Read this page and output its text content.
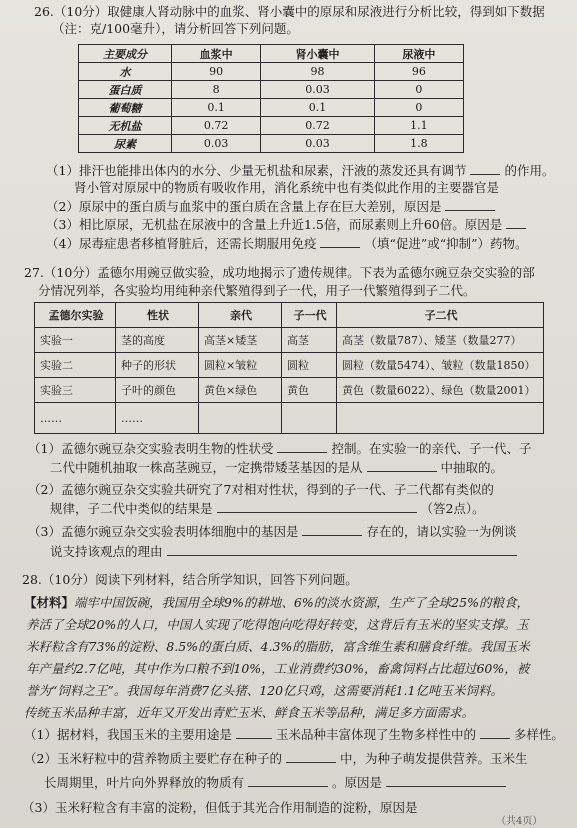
26.（10分）取健康人肾动脉中的血浆、肾小囊中的原尿和尿液进行分析比较，得到如下数据
（注：克/100毫升），请分析回答下列问题。
主要成分	血浆中	肾小囊中	尿液中
水	90	98	96
蛋白质	8	0.03	0
葡萄糖	0.1	0.1	0
无机盐	0.72	0.72	1.1
尿素	0.03	0.03	1.8
（1）排汗也能排出体内的水分、少量无机盐和尿素，汗液的蒸发还具有调节	的作用。
肾小管对原尿中的物质有吸收作用，消化系统中也有类似此作用的主要器官是
（2）原尿中的蛋白质与血浆中的蛋白质在含量上存在巨大差别，原因是
（3）相比原尿，无机盐在尿液中的含量上升近1.5倍，而尿素则上升60倍。原因是
（4）尿毒症患者移植肾脏后，还需长期服用免疫	（填“促进”或“抑制”）药物。
27.（10分）孟德尔用豌豆做实验，成功地揭示了遗传规律。下表为孟德尔豌豆杂交实验的部
分情况列举，各实验均用纯种亲代繁殖得到子一代，用子一代繁殖得到子二代。
孟德尔实验	性状	亲代	子一代	子二代
实验一	茎的高度	高茎×矮茎	高茎	高茎（数量787）、矮茎（数量277）
实验二	种子的形状	圆粒×皱粒	圆粒	圆粒（数量5474）、皱粒（数量1850）
实验三	子叶的颜色	黄色×绿色	黄色	黄色（数量6022）、绿色（数量2001）
……	……			
（1）孟德尔豌豆杂交实验表明生物的性状受	控制。在实验一的亲代、子一代、子
二代中随机抽取一株高茎豌豆，一定携带矮茎基因的是从	中抽取的。
（2）孟德尔豌豆杂交实验共研究了7对相对性状，得到的子一代、子二代都有类似的
规律，子二代中类似的结果是	（答2点）。
（3）孟德尔豌豆杂交实验表明体细胞中的基因是	存在的，请以实验一为例谈
说支持该观点的理由
28.（10分）阅读下列材料，结合所学知识，回答下列问题。
【材料】端牢中国饭碗，我国用全球9%的耕地、6%的淡水资源，生产了全球25%的粮食，
养活了全球20%的人口，中国人实现了吃得饱向吃得好转变，这背后有玉米的坚实支撑。玉
米籽粒含有73%的淀粉、8.5%的蛋白质、4.3%的脂肪，富含维生素和膳食纤维。我国玉米
年产量约2.7亿吨，其中作为口粮不到10%，工业消费约30%，畜禽饲料占比超过60%，被
誉为“饲料之王”。我国每年消费7亿头猪、120亿只鸡，这需要消耗1.1亿吨玉米饲料。
传统玉米品种丰富，近年又开发出青贮玉米、鲜食玉米等品种，满足多方面需求。
（1）据材料，我国玉米的主要用途是	玉米品种丰富体现了生物多样性中的	多样性。
（2）玉米籽粒中的营养物质主要贮存在种子的	中，为种子萌发提供营养。玉米生
长周期里，叶片向外界释放的物质有	。原因是
（3）玉米籽粒含有丰富的淀粉，但低于其光合作用制造的淀粉，原因是
（共4页）
